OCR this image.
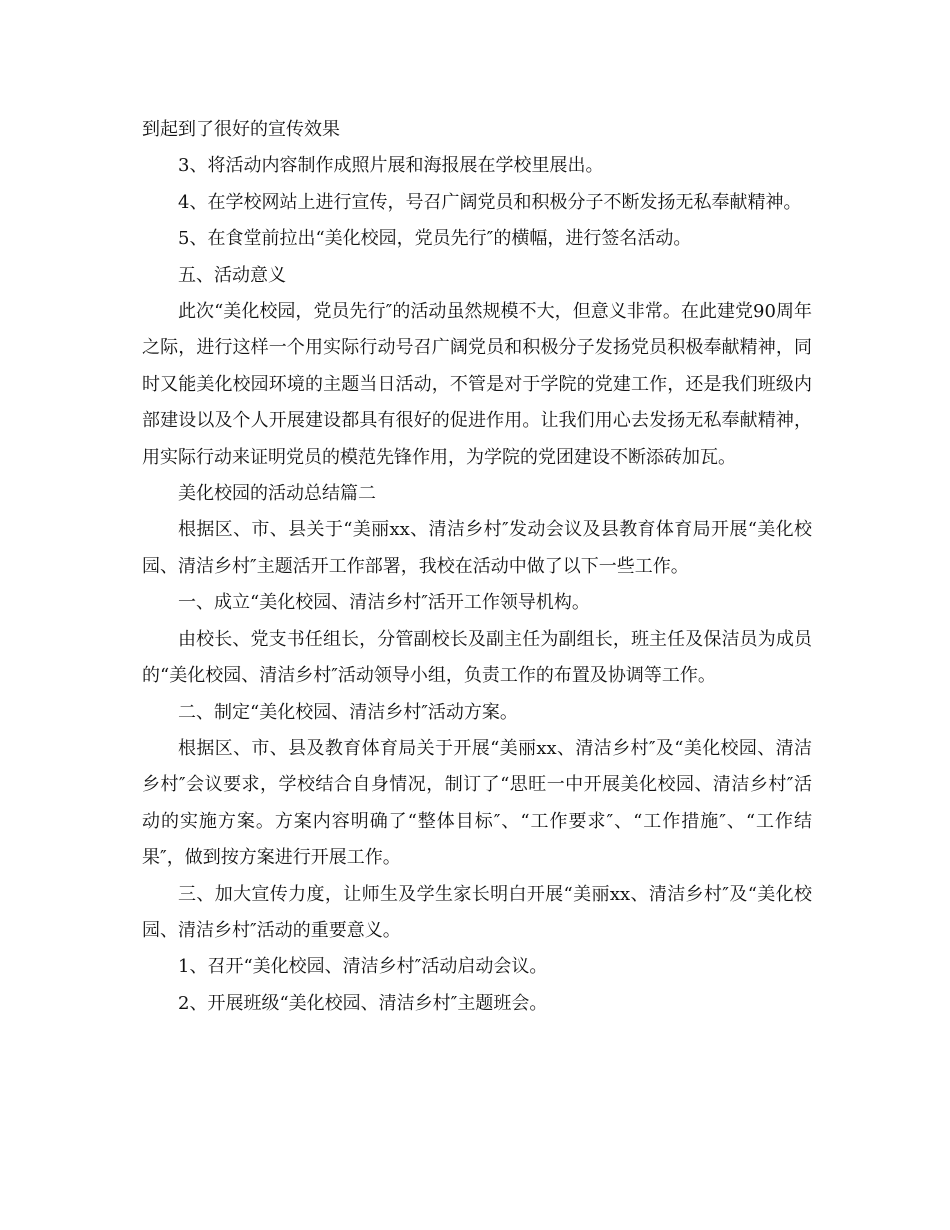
到起到了很好的宣传效果

3、将活动内容制作成照片展和海报展在学校里展出。

4、在学校网站上进行宣传，号召广阔党员和积极分子不断发扬无私奉献精神。

5、在食堂前拉出“美化校园，党员先行″的横幅，进行签名活动。

五、活动意义

此次“美化校园，党员先行″的活动虽然规模不大，但意义非常。在此建党90周年之际，进行这样一个用实际行动号召广阔党员和积极分子发扬党员积极奉献精神，同时又能美化校园环境的主题当日活动，不管是对于学院的党建工作，还是我们班级内部建设以及个人开展建设都具有很好的促进作用。让我们用心去发扬无私奉献精神，用实际行动来证明党员的模范先锋作用，为学院的党团建设不断添砖加瓦。

美化校园的活动总结篇二

根据区、市、县关于“美丽xx、清洁乡村″发动会议及县教育体育局开展“美化校园、清洁乡村″主题活开工作部署，我校在活动中做了以下一些工作。

一、成立“美化校园、清洁乡村″活开工作领导机构。

由校长、党支书任组长，分管副校长及副主任为副组长，班主任及保洁员为成员的“美化校园、清洁乡村″活动领导小组，负责工作的布置及协调等工作。

二、制定“美化校园、清洁乡村″活动方案。

根据区、市、县及教育体育局关于开展“美丽xx、清洁乡村″及“美化校园、清洁乡村″会议要求，学校结合自身情况，制订了“思旺一中开展美化校园、清洁乡村″活动的实施方案。方案内容明确了“整体目标″、“工作要求″、“工作措施″、“工作结果″，做到按方案进行开展工作。

三、加大宣传力度，让师生及学生家长明白开展“美丽xx、清洁乡村″及“美化校园、清洁乡村″活动的重要意义。

1、召开“美化校园、清洁乡村″活动启动会议。

2、开展班级“美化校园、清洁乡村″主题班会。
